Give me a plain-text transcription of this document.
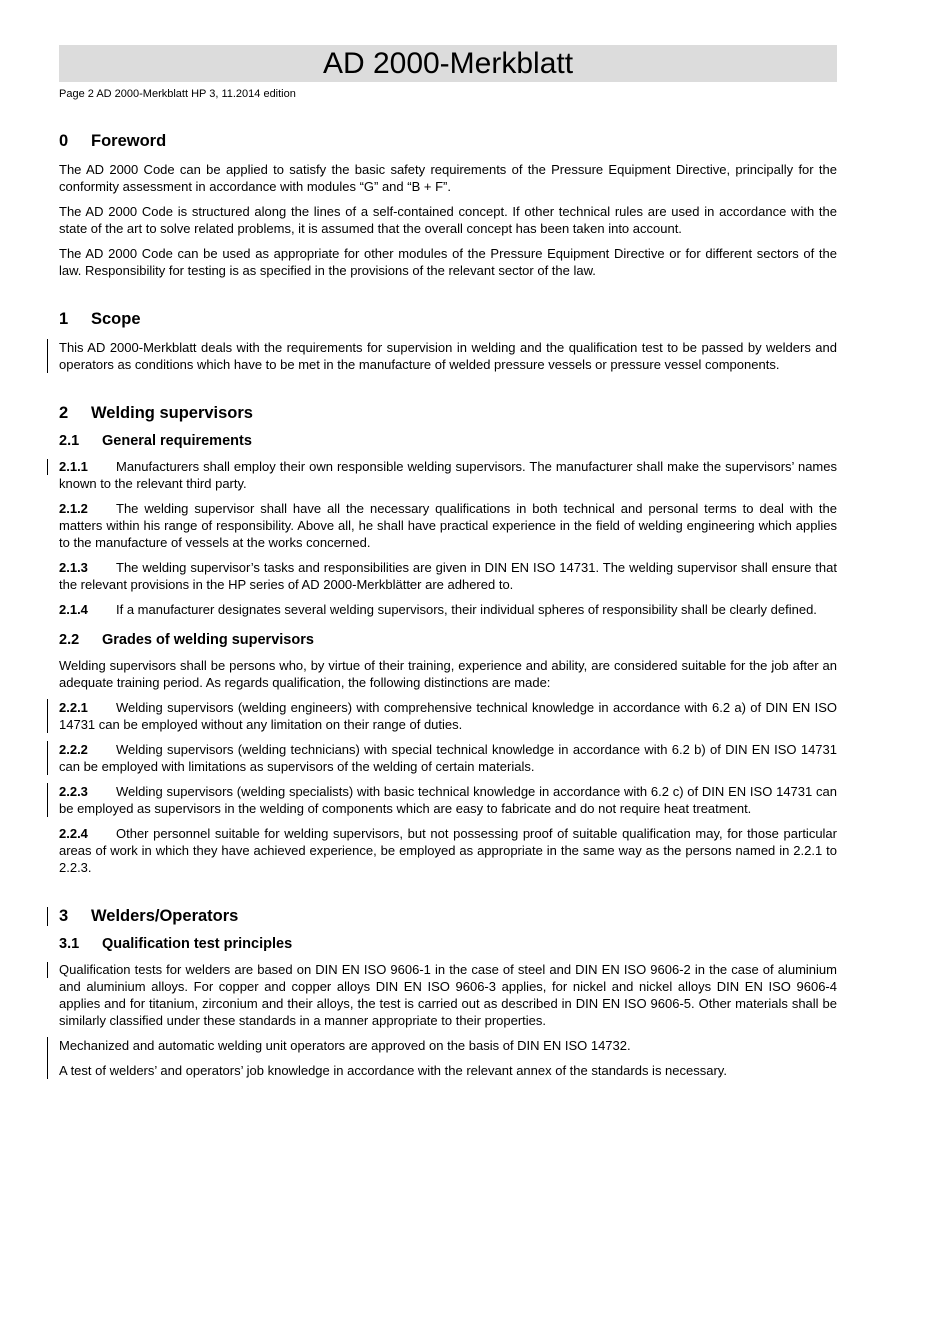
AD 2000-Merkblatt
Page 2 AD 2000-Merkblatt HP 3, 11.2014 edition
0 Foreword
The AD 2000 Code can be applied to satisfy the basic safety requirements of the Pressure Equipment Directive, principally for the conformity assessment in accordance with modules “G” and “B + F”.
The AD 2000 Code is structured along the lines of a self-contained concept. If other technical rules are used in accordance with the state of the art to solve related problems, it is assumed that the overall concept has been taken into account.
The AD 2000 Code can be used as appropriate for other modules of the Pressure Equipment Directive or for different sectors of the law. Responsibility for testing is as specified in the provisions of the relevant sector of the law.
1 Scope
This AD 2000-Merkblatt deals with the requirements for supervision in welding and the qualification test to be passed by welders and operators as conditions which have to be met in the manufacture of welded pressure vessels or pressure vessel components.
2 Welding supervisors
2.1 General requirements
2.1.1 Manufacturers shall employ their own responsible welding supervisors. The manufacturer shall make the supervisors’ names known to the relevant third party.
2.1.2 The welding supervisor shall have all the necessary qualifications in both technical and personal terms to deal with the matters within his range of responsibility. Above all, he shall have practical experience in the field of welding engineering which applies to the manufacture of vessels at the works concerned.
2.1.3 The welding supervisor’s tasks and responsibilities are given in DIN EN ISO 14731. The welding supervisor shall ensure that the relevant provisions in the HP series of AD 2000-Merkblätter are adhered to.
2.1.4 If a manufacturer designates several welding supervisors, their individual spheres of responsibility shall be clearly defined.
2.2 Grades of welding supervisors
Welding supervisors shall be persons who, by virtue of their training, experience and ability, are considered suitable for the job after an adequate training period. As regards qualification, the following distinctions are made:
2.2.1 Welding supervisors (welding engineers) with comprehensive technical knowledge in accordance with 6.2 a) of DIN EN ISO 14731 can be employed without any limitation on their range of duties.
2.2.2 Welding supervisors (welding technicians) with special technical knowledge in accordance with 6.2 b) of DIN EN ISO 14731 can be employed with limitations as supervisors of the welding of certain materials.
2.2.3 Welding supervisors (welding specialists) with basic technical knowledge in accordance with 6.2 c) of DIN EN ISO 14731 can be employed as supervisors in the welding of components which are easy to fabricate and do not require heat treatment.
2.2.4 Other personnel suitable for welding supervisors, but not possessing proof of suitable qualification may, for those particular areas of work in which they have achieved experience, be employed as appropriate in the same way as the persons named in 2.2.1 to 2.2.3.
3 Welders/Operators
3.1 Qualification test principles
Qualification tests for welders are based on DIN EN ISO 9606-1 in the case of steel and DIN EN ISO 9606-2 in the case of aluminium and aluminium alloys. For copper and copper alloys DIN EN ISO 9606-3 applies, for nickel and nickel alloys DIN EN ISO 9606-4 applies and for titanium, zirconium and their alloys, the test is carried out as described in DIN EN ISO 9606-5. Other materials shall be similarly classified under these standards in a manner appropriate to their properties.
Mechanized and automatic welding unit operators are approved on the basis of DIN EN ISO 14732.
A test of welders’ and operators’ job knowledge in accordance with the relevant annex of the standards is necessary.
